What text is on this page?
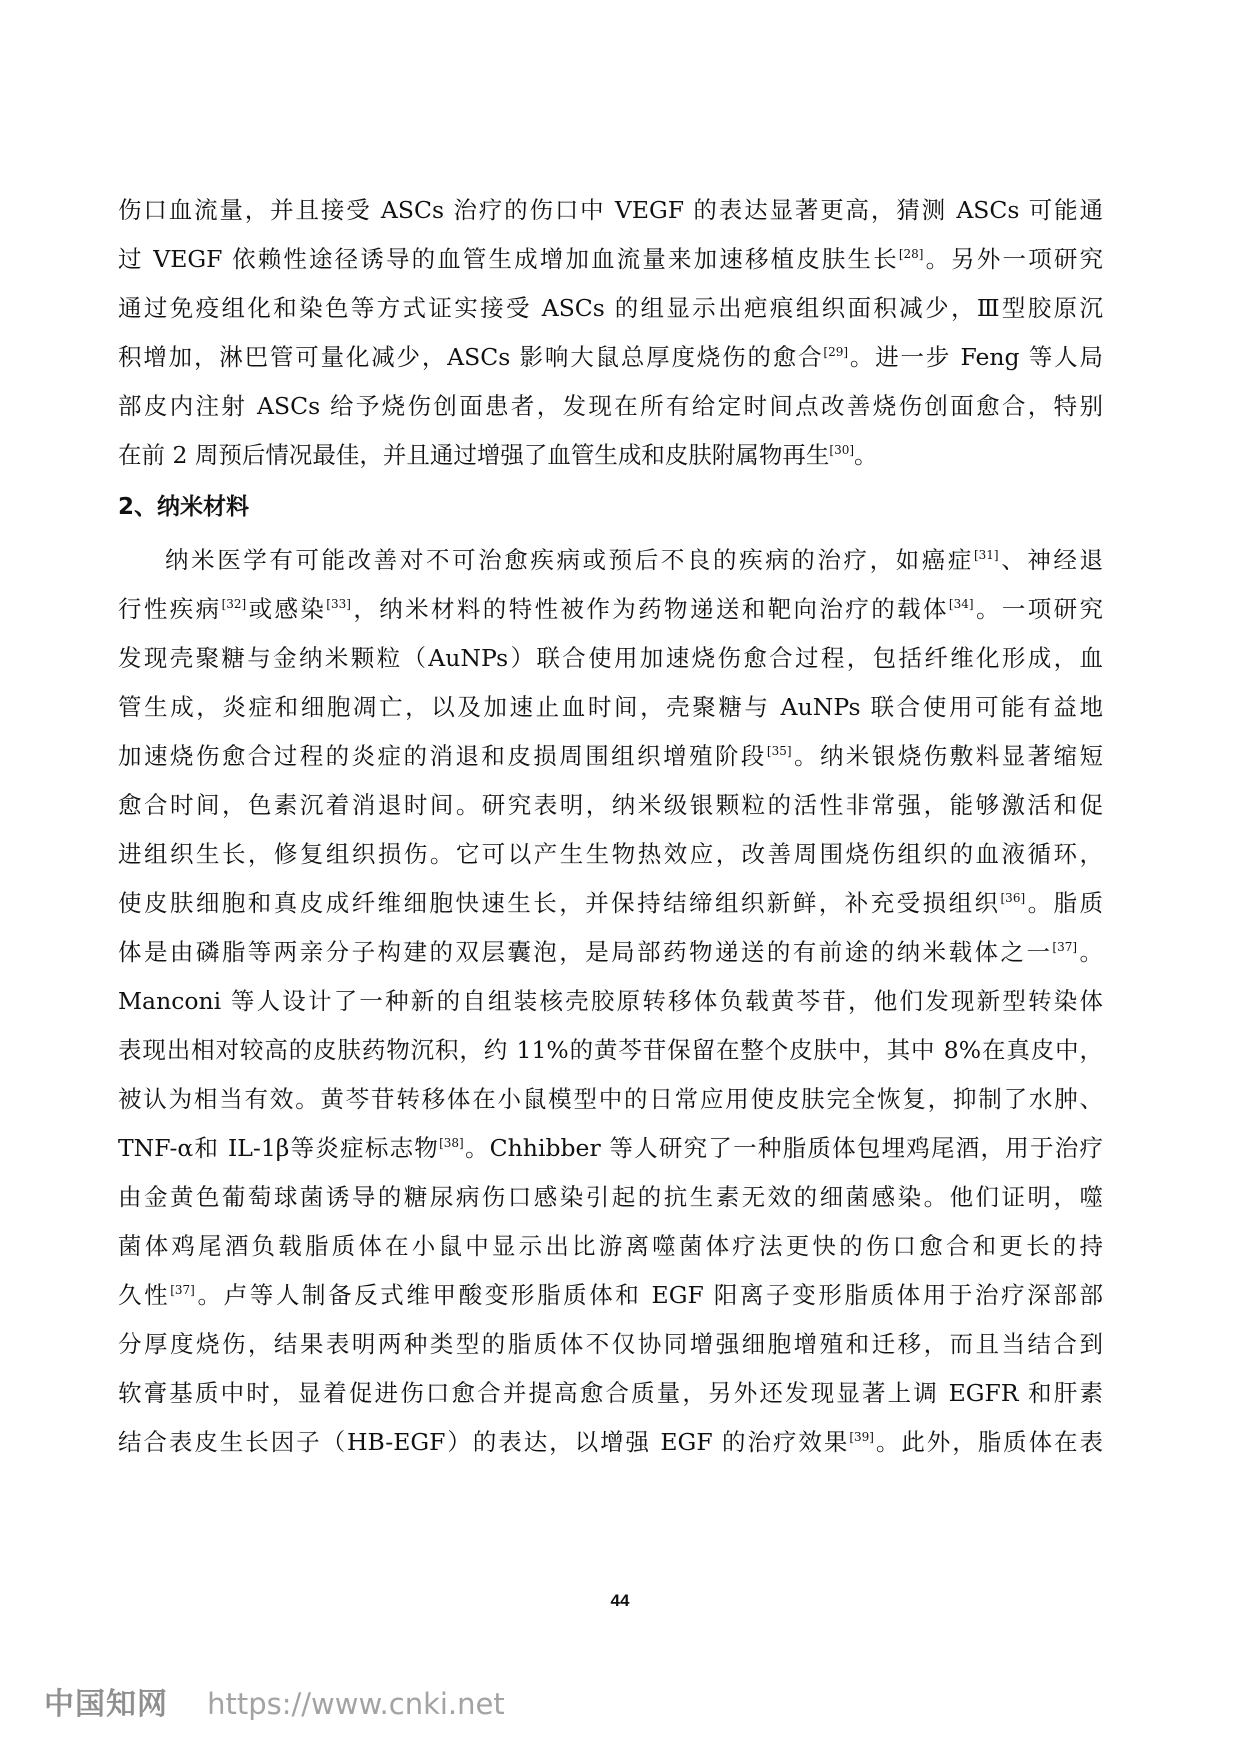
伤口血流量，并且接受 ASCs 治疗的伤口中 VEGF 的表达显著更高，猜测 ASCs 可能通
过 VEGF 依赖性途径诱导的血管生成增加血流量来加速移植皮肤生长[28]。另外一项研究
通过免疫组化和染色等方式证实接受 ASCs 的组显示出疤痕组织面积减少，Ⅲ型胶原沉
积增加，淋巴管可量化减少，ASCs 影响大鼠总厚度烧伤的愈合[29]。进一步 Feng 等人局
部皮内注射 ASCs 给予烧伤创面患者，发现在所有给定时间点改善烧伤创面愈合，特别
在前 2 周预后情况最佳，并且通过增强了血管生成和皮肤附属物再生[30]。
2、纳米材料
纳米医学有可能改善对不可治愈疾病或预后不良的疾病的治疗，如癌症[31]、神经退
行性疾病[32]或感染[33]，纳米材料的特性被作为药物递送和靶向治疗的载体[34]。一项研究
发现壳聚糖与金纳米颗粒（AuNPs）联合使用加速烧伤愈合过程，包括纤维化形成，血
管生成，炎症和细胞凋亡，以及加速止血时间，壳聚糖与 AuNPs 联合使用可能有益地
加速烧伤愈合过程的炎症的消退和皮损周围组织增殖阶段[35]。纳米银烧伤敷料显著缩短
愈合时间，色素沉着消退时间。研究表明，纳米级银颗粒的活性非常强，能够激活和促
进组织生长，修复组织损伤。它可以产生生物热效应，改善周围烧伤组织的血液循环，
使皮肤细胞和真皮成纤维细胞快速生长，并保持结缔组织新鲜，补充受损组织[36]。脂质
体是由磷脂等两亲分子构建的双层囊泡，是局部药物递送的有前途的纳米载体之一[37]。
Manconi 等人设计了一种新的自组装核壳胶原转移体负载黄芩苷，他们发现新型转染体
表现出相对较高的皮肤药物沉积，约 11%的黄芩苷保留在整个皮肤中，其中 8%在真皮中，
被认为相当有效。黄芩苷转移体在小鼠模型中的日常应用使皮肤完全恢复，抑制了水肿、
TNF-α和 IL-1β等炎症标志物[38]。Chhibber 等人研究了一种脂质体包埋鸡尾酒，用于治疗
由金黄色葡萄球菌诱导的糖尿病伤口感染引起的抗生素无效的细菌感染。他们证明，噬
菌体鸡尾酒负载脂质体在小鼠中显示出比游离噬菌体疗法更快的伤口愈合和更长的持
久性[37]。卢等人制备反式维甲酸变形脂质体和 EGF 阳离子变形脂质体用于治疗深部部
分厚度烧伤，结果表明两种类型的脂质体不仅协同增强细胞增殖和迁移，而且当结合到
软膏基质中时，显着促进伤口愈合并提高愈合质量，另外还发现显著上调 EGFR 和肝素
结合表皮生长因子（HB-EGF）的表达，以增强 EGF 的治疗效果[39]。此外，脂质体在表
44
中国知网 https://www.cnki.net
